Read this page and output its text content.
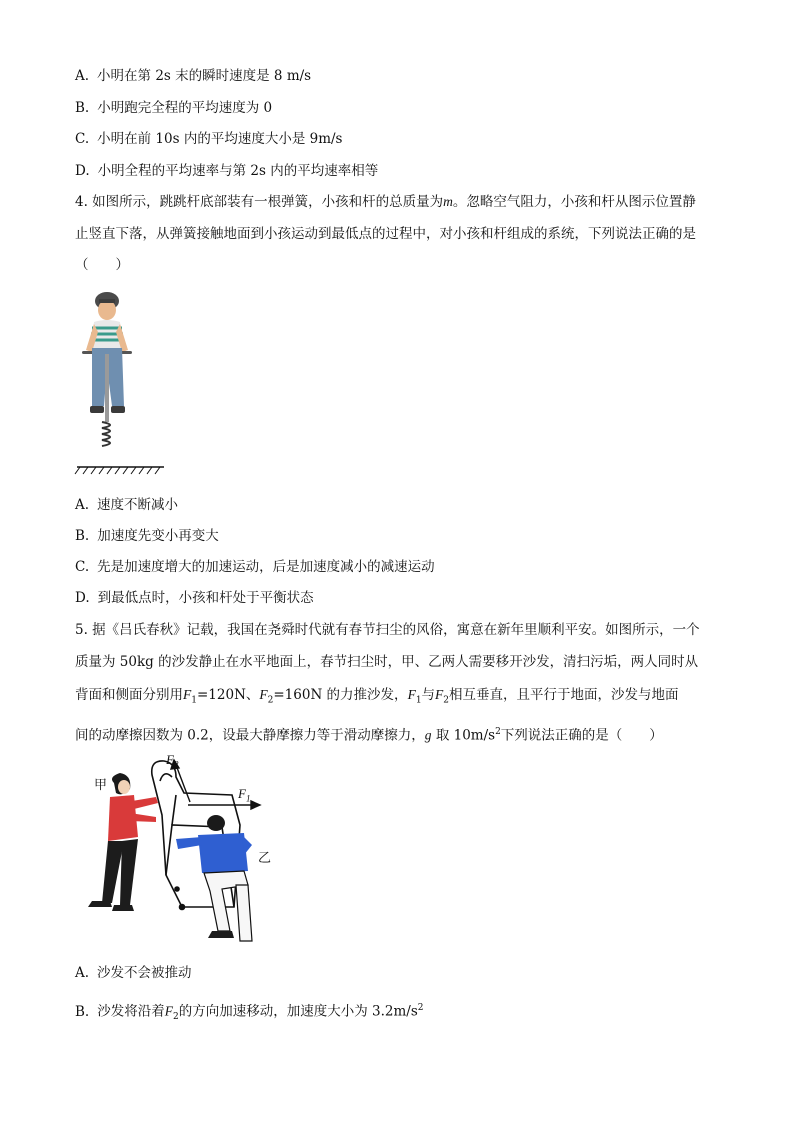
A. 小明在第 2s 末的瞬时速度是 8 m/s
B. 小明跑完全程的平均速度为 0
C. 小明在前 10s 内的平均速度大小是 9m/s
D. 小明全程的平均速率与第 2s 内的平均速率相等
4. 如图所示，跳跳杆底部装有一根弹簧，小孩和杆的总质量为m。忽略空气阻力，小孩和杆从图示位置静
止竖直下落，从弹簧接触地面到小孩运动到最低点的过程中，对小孩和杆组成的系统，下列说法正确的是
（　　）
A. 速度不断减小
B. 加速度先变小再变大
C. 先是加速度增大的加速运动，后是加速度减小的减速运动
D. 到最低点时，小孩和杆处于平衡状态
5. 据《吕氏春秋》记载，我国在尧舜时代就有春节扫尘的风俗，寓意在新年里顺利平安。如图所示，一个
质量为 50kg 的沙发静止在水平地面上，春节扫尘时，甲、乙两人需要移开沙发，清扫污垢，两人同时从
背面和侧面分别用$F_1=120N$、$F_2=160N$ 的力推沙发，$F_1$与$F_2$相互垂直，且平行于地面，沙发与地面
间的动摩擦因数为 0.2，设最大静摩擦力等于滑动摩擦力，g 取 $10m/s^2$下列说法正确的是（　　）
甲
乙
$F_2$
$F_1$
A. 沙发不会被推动
B. 沙发将沿着$F_2$的方向加速移动，加速度大小为 $3.2m/s^2$
